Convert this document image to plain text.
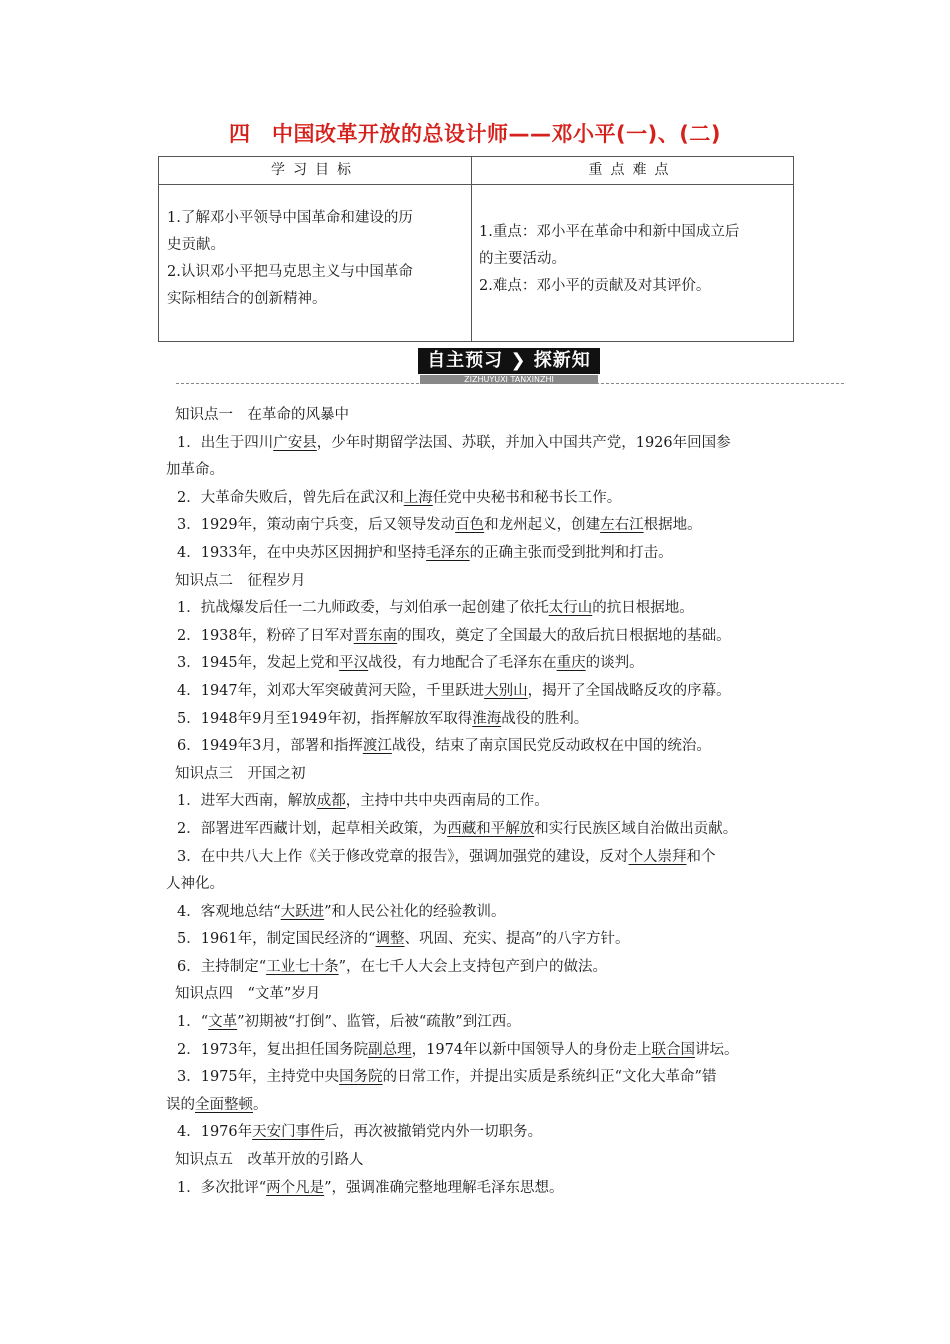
四　中国改革开放的总设计师——邓小平(一)、(二)
学习目标	重点难点
1.了解邓小平领导中国革命和建设的历
史贡献。
2.认识邓小平把马克思主义与中国革命
实际相结合的创新精神。
1.重点：邓小平在革命中和新中国成立后
的主要活动。
2.难点：邓小平的贡献及对其评价。
自主预习 ❯ 探新知
ZIZHUYUXI TANXINZHI

知识点一　在革命的风暴中

1．出生于四川广安县，少年时期留学法国、苏联，并加入中国共产党，1926年回国参

加革命。

2．大革命失败后，曾先后在武汉和上海任党中央秘书和秘书长工作。

3．1929年，策动南宁兵变，后又领导发动百色和龙州起义，创建左右江根据地。

4．1933年，在中央苏区因拥护和坚持毛泽东的正确主张而受到批判和打击。

知识点二　征程岁月

1．抗战爆发后任一二九师政委，与刘伯承一起创建了依托太行山的抗日根据地。

2．1938年，粉碎了日军对晋东南的围攻，奠定了全国最大的敌后抗日根据地的基础。

3．1945年，发起上党和平汉战役，有力地配合了毛泽东在重庆的谈判。

4．1947年，刘邓大军突破黄河天险，千里跃进大别山，揭开了全国战略反攻的序幕。

5．1948年9月至1949年初，指挥解放军取得淮海战役的胜利。

6．1949年3月，部署和指挥渡江战役，结束了南京国民党反动政权在中国的统治。

知识点三　开国之初

1．进军大西南，解放成都，主持中共中央西南局的工作。

2．部署进军西藏计划，起草相关政策，为西藏和平解放和实行民族区域自治做出贡献。

3．在中共八大上作《关于修改党章的报告》，强调加强党的建设，反对个人崇拜和个

人神化。

4．客观地总结“大跃进”和人民公社化的经验教训。

5．1961年，制定国民经济的“调整、巩固、充实、提高”的八字方针。

6．主持制定“工业七十条”，在七千人大会上支持包产到户的做法。

知识点四　“文革”岁月

1．“文革”初期被“打倒”、监管，后被“疏散”到江西。

2．1973年，复出担任国务院副总理，1974年以新中国领导人的身份走上联合国讲坛。

3．1975年，主持党中央国务院的日常工作，并提出实质是系统纠正“文化大革命”错

误的全面整顿。

4．1976年天安门事件后，再次被撤销党内外一切职务。

知识点五　改革开放的引路人

1．多次批评“两个凡是”，强调准确完整地理解毛泽东思想。
